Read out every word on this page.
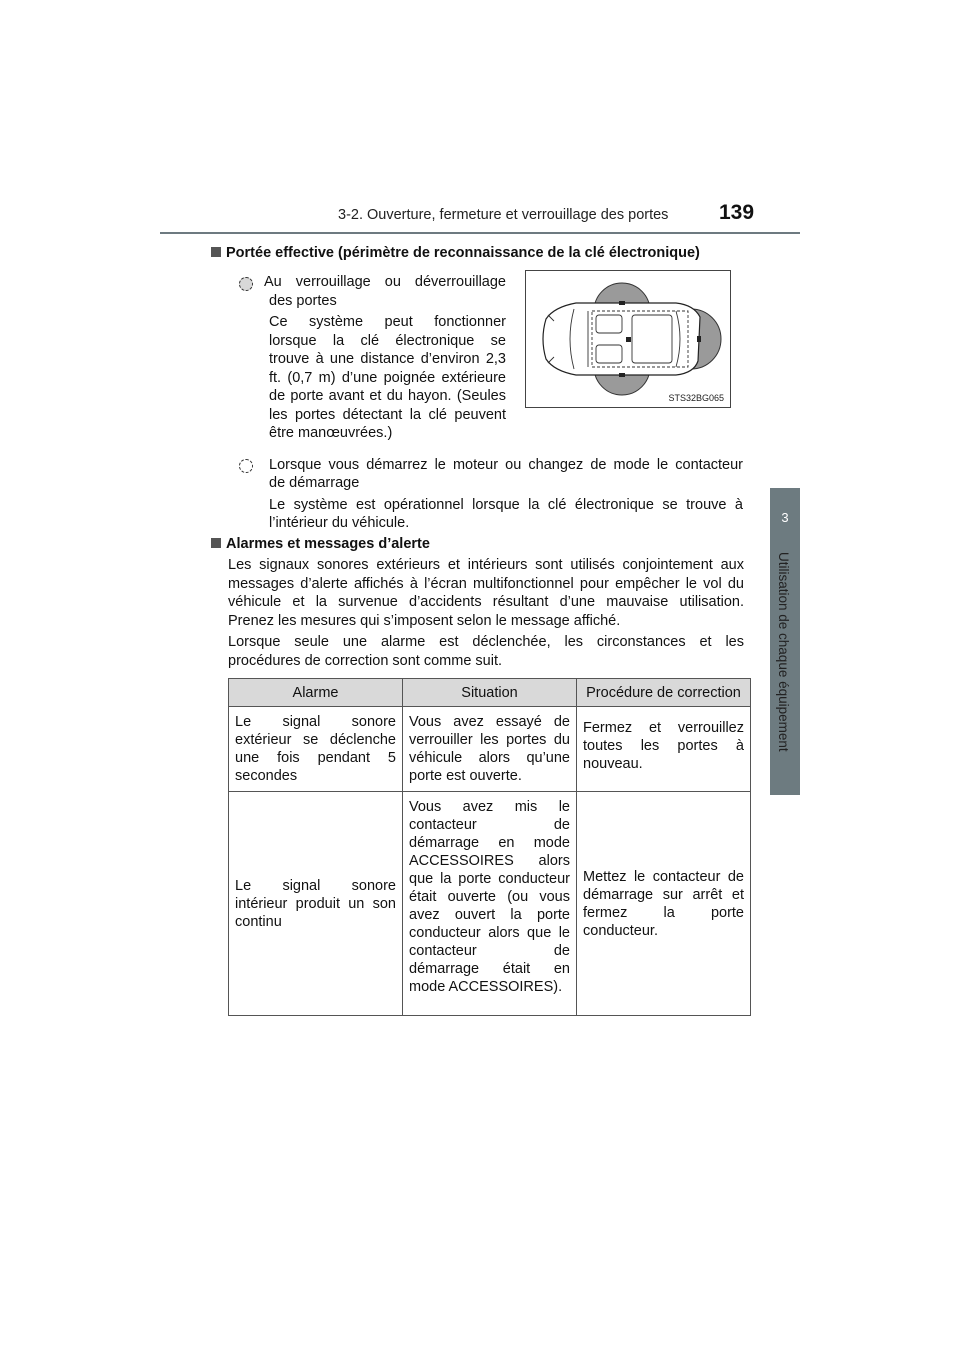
3-2. Ouverture, fermeture et verrouillage des portes 139
3
Utilisation de chaque équipement
Portée effective (périmètre de reconnaissance de la clé électronique)
Au verrouillage ou déverrouillage
des portes
Ce système peut fonctionner
lorsque la clé électronique se
trouve à une distance d’environ 2,3
ft. (0,7 m) d’une poignée extérieure
de porte avant et du hayon. (Seules
les portes détectant la clé peuvent
être manœuvrées.)
STS32BG065
Lorsque vous démarrez le moteur ou changez de mode le contacteur
de démarrage
Le système est opérationnel lorsque la clé électronique se trouve à
l’intérieur du véhicule.
Alarmes et messages d’alerte
Les signaux sonores extérieurs et intérieurs sont utilisés conjointement aux
messages d’alerte affichés à l’écran multifonctionnel pour empêcher le vol du
véhicule et la survenue d’accidents résultant d’une mauvaise utilisation.
Prenez les mesures qui s’imposent selon le message affiché.
Lorsque seule une alarme est déclenchée, les circonstances et les
procédures de correction sont comme suit.
Alarme	Situation	Procédure de correction
Le signal sonore extérieur se déclenche une fois pendant 5 secondes	Vous avez essayé de verrouiller les portes du véhicule alors qu’une porte est ouverte.	Fermez et verrouillez toutes les portes à nouveau.
Le signal sonore intérieur produit un son continu	Vous avez mis le contacteur de démarrage en mode ACCESSOIRES alors que la porte conducteur était ouverte (ou vous avez ouvert la porte conducteur alors que le contacteur de démarrage était en mode ACCESSOIRES).	Mettez le contacteur de démarrage sur arrêt et fermez la porte conducteur.
